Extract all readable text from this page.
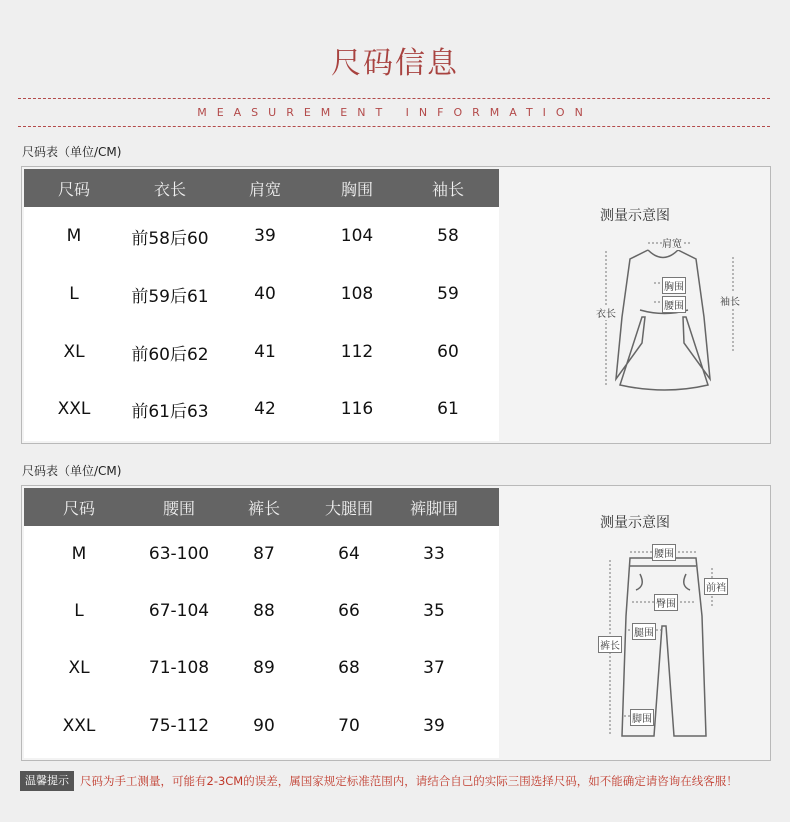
尺码信息
MEASUREMENT INFORMATION
尺码表（单位/CM)
尺码	衣长	肩宽	胸围	袖长
M	前58后60	39	104	58
L	前59后61	40	108	59
XL	前60后62	41	112	60
XXL	前61后63	42	116	61
测量示意图
肩宽
胸围
腰围	袖长
衣长
尺码表（单位/CM)
尺码	腰围	裤长	大腿围	裤脚围
M	63-100	87	64	33
L	67-104	88	66	35
XL	71-108	89	68	37
XXL	75-112	90	70	39
测量示意图
腰围
前裆
臀围
腿围
裤长
脚围
温馨提示 尺码为手工测量，可能有2-3CM的误差，属国家规定标准范围内，请结合自己的实际三围选择尺码，如不能确定请咨询在线客服！
